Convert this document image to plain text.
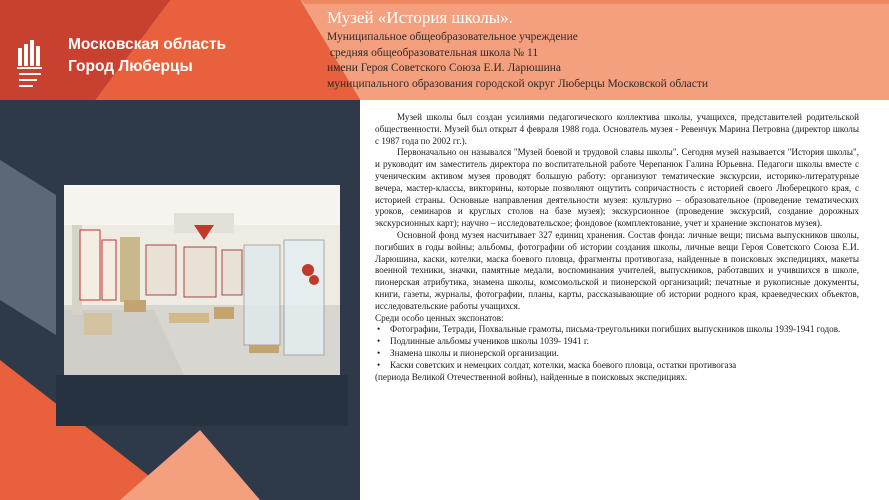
Московская область
Город Люберцы
Музей «История школы».
Муниципальное общеобразовательное учреждение
средняя общеобразовательная школа № 11
имени Героя Советского Союза Е.И. Ларюшина
муниципального образования городской округ Люберцы Московской области

Музей школы был создан усилиями педагогического коллектива школы, учащихся, представителей родительской общественности. Музей был открыт 4 февраля 1988 года. Основатель музея - Ревенчук Марина Петровна (директор школы с 1987 года по 2002 гг.).

Первоначально он назывался "Музей боевой и трудовой славы школы". Сегодня музей называется "История школы", и руководит им заместитель директора по воспитательной работе Черепанюк Галина Юрьевна. Педагоги школы вместе с ученическим активом музея проводят большую работу: организуют тематические экскурсии, историко-литературные вечера, мастер-классы, викторины, которые позволяют ощутить сопричастность с историей своего Люберецкого края, с историей страны. Основные направления деятельности музея: культурно – образовательное (проведение тематических уроков, семинаров и круглых столов на базе музея); экскурсионное (проведение экскурсий, создание дорожных экскурсионных карт); научно – исследовательское; фондовое (комплектование, учет и хранение экспонатов музея).

Основной фонд музея насчитывает 327 единиц хранения. Состав фонда: личные вещи; письма выпускников школы, погибших в годы войны; альбомы, фотографии об истории создания школы, личные вещи Героя Советского Союза Е.И. Ларюшина, каски, котелки, маска боевого пловца, фрагменты противогаза, найденные в поисковых экспедициях, макеты военной техники, значки, памятные медали, воспоминания учителей, выпускников, работавших и учившихся в школе, пионерская атрибутика, знамена школы, комсомольской и пионерской организаций; печатные и рукописные документы, книги, газеты, журналы, фотографии, планы, карты, рассказывающие об истории родного края, краеведческих объектов, исследовательские работы учащихся.

Среди особо ценных экспонатов:

• Фотографии, Тетради, Похвальные грамоты, письма-треугольники погибших выпускников школы 1939-1941 годов.
• Подлинные альбомы учеников школы 1039- 1941 г.
• Знамена школы и пионерской организации.
• Каски советских и немецких солдат, котелки, маска боевого пловца, остатки противогаза

(периода Великой Отечественной войны), найденные в поисковых экспедициях.
